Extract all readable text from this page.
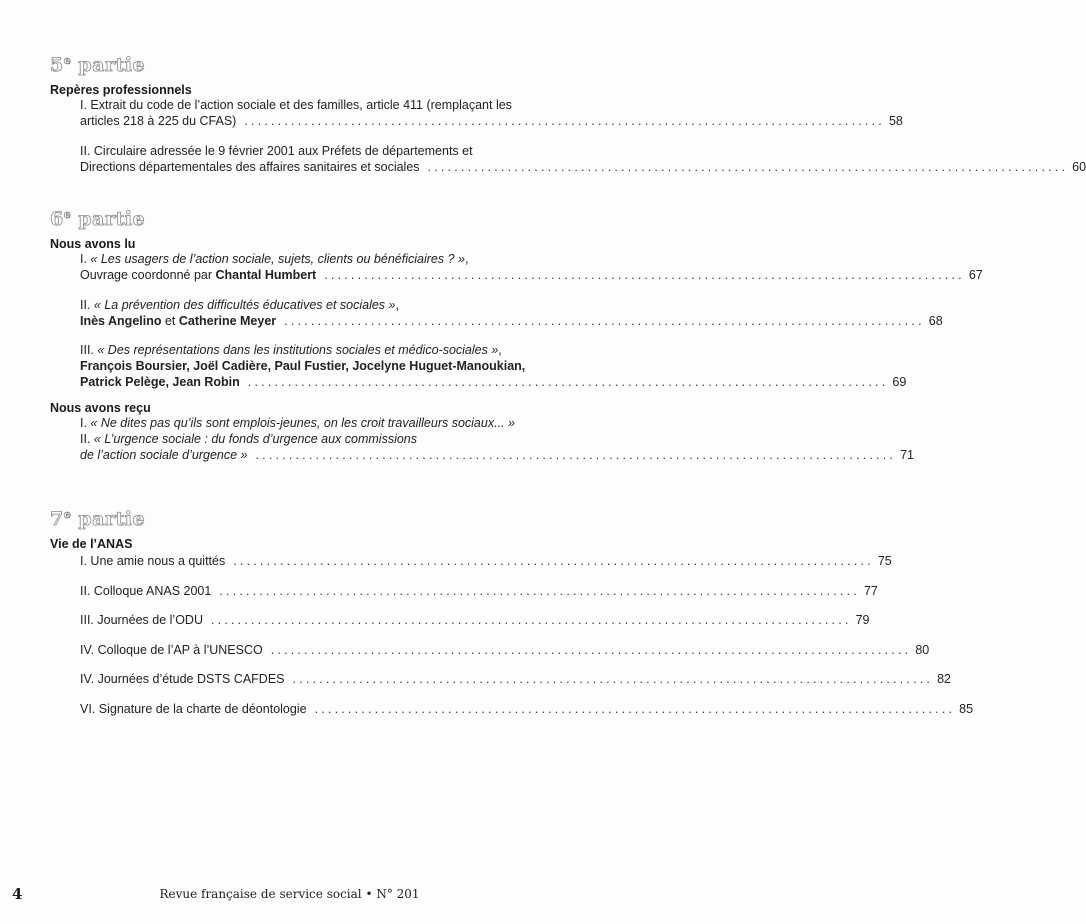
5e partie
Repères professionnels
I. Extrait du code de l’action sociale et des familles, article 411 (remplaçant les
articles 218 à 225 du CFAS) ................................................................................................ 58
II. Circulaire adressée le 9 février 2001 aux Préfets de départements et
Directions départementales des affaires sanitaires et sociales ................................................................................................ 60
6e partie
Nous avons lu
I. « Les usagers de l’action sociale, sujets, clients ou bénéficiaires ? »,
Ouvrage coordonné par Chantal Humbert ................................................................................................ 67
II. « La prévention des difficultés éducatives et sociales »,
Inès Angelino et Catherine Meyer ................................................................................................ 68
III. « Des représentations dans les institutions sociales et médico-sociales »,
François Boursier, Joël Cadière, Paul Fustier, Jocelyne Huguet-Manoukian,
Patrick Pelège, Jean Robin ................................................................................................ 69
Nous avons reçu
I. « Ne dites pas qu’ils sont emplois-jeunes, on les croit travailleurs sociaux... »
II. « L’urgence sociale : du fonds d’urgence aux commissions
de l’action sociale d’urgence » ................................................................................................ 71
7e partie
Vie de l’ANAS
I. Une amie nous a quittés ................................................................................................ 75
II. Colloque ANAS 2001 ................................................................................................ 77
III. Journées de l’ODU ................................................................................................ 79
IV. Colloque de l’AP à l’UNESCO ................................................................................................ 80
IV. Journées d’étude DSTS CAFDES ................................................................................................ 82
VI. Signature de la charte de déontologie ................................................................................................ 85
4	Revue française de service social • N° 201
